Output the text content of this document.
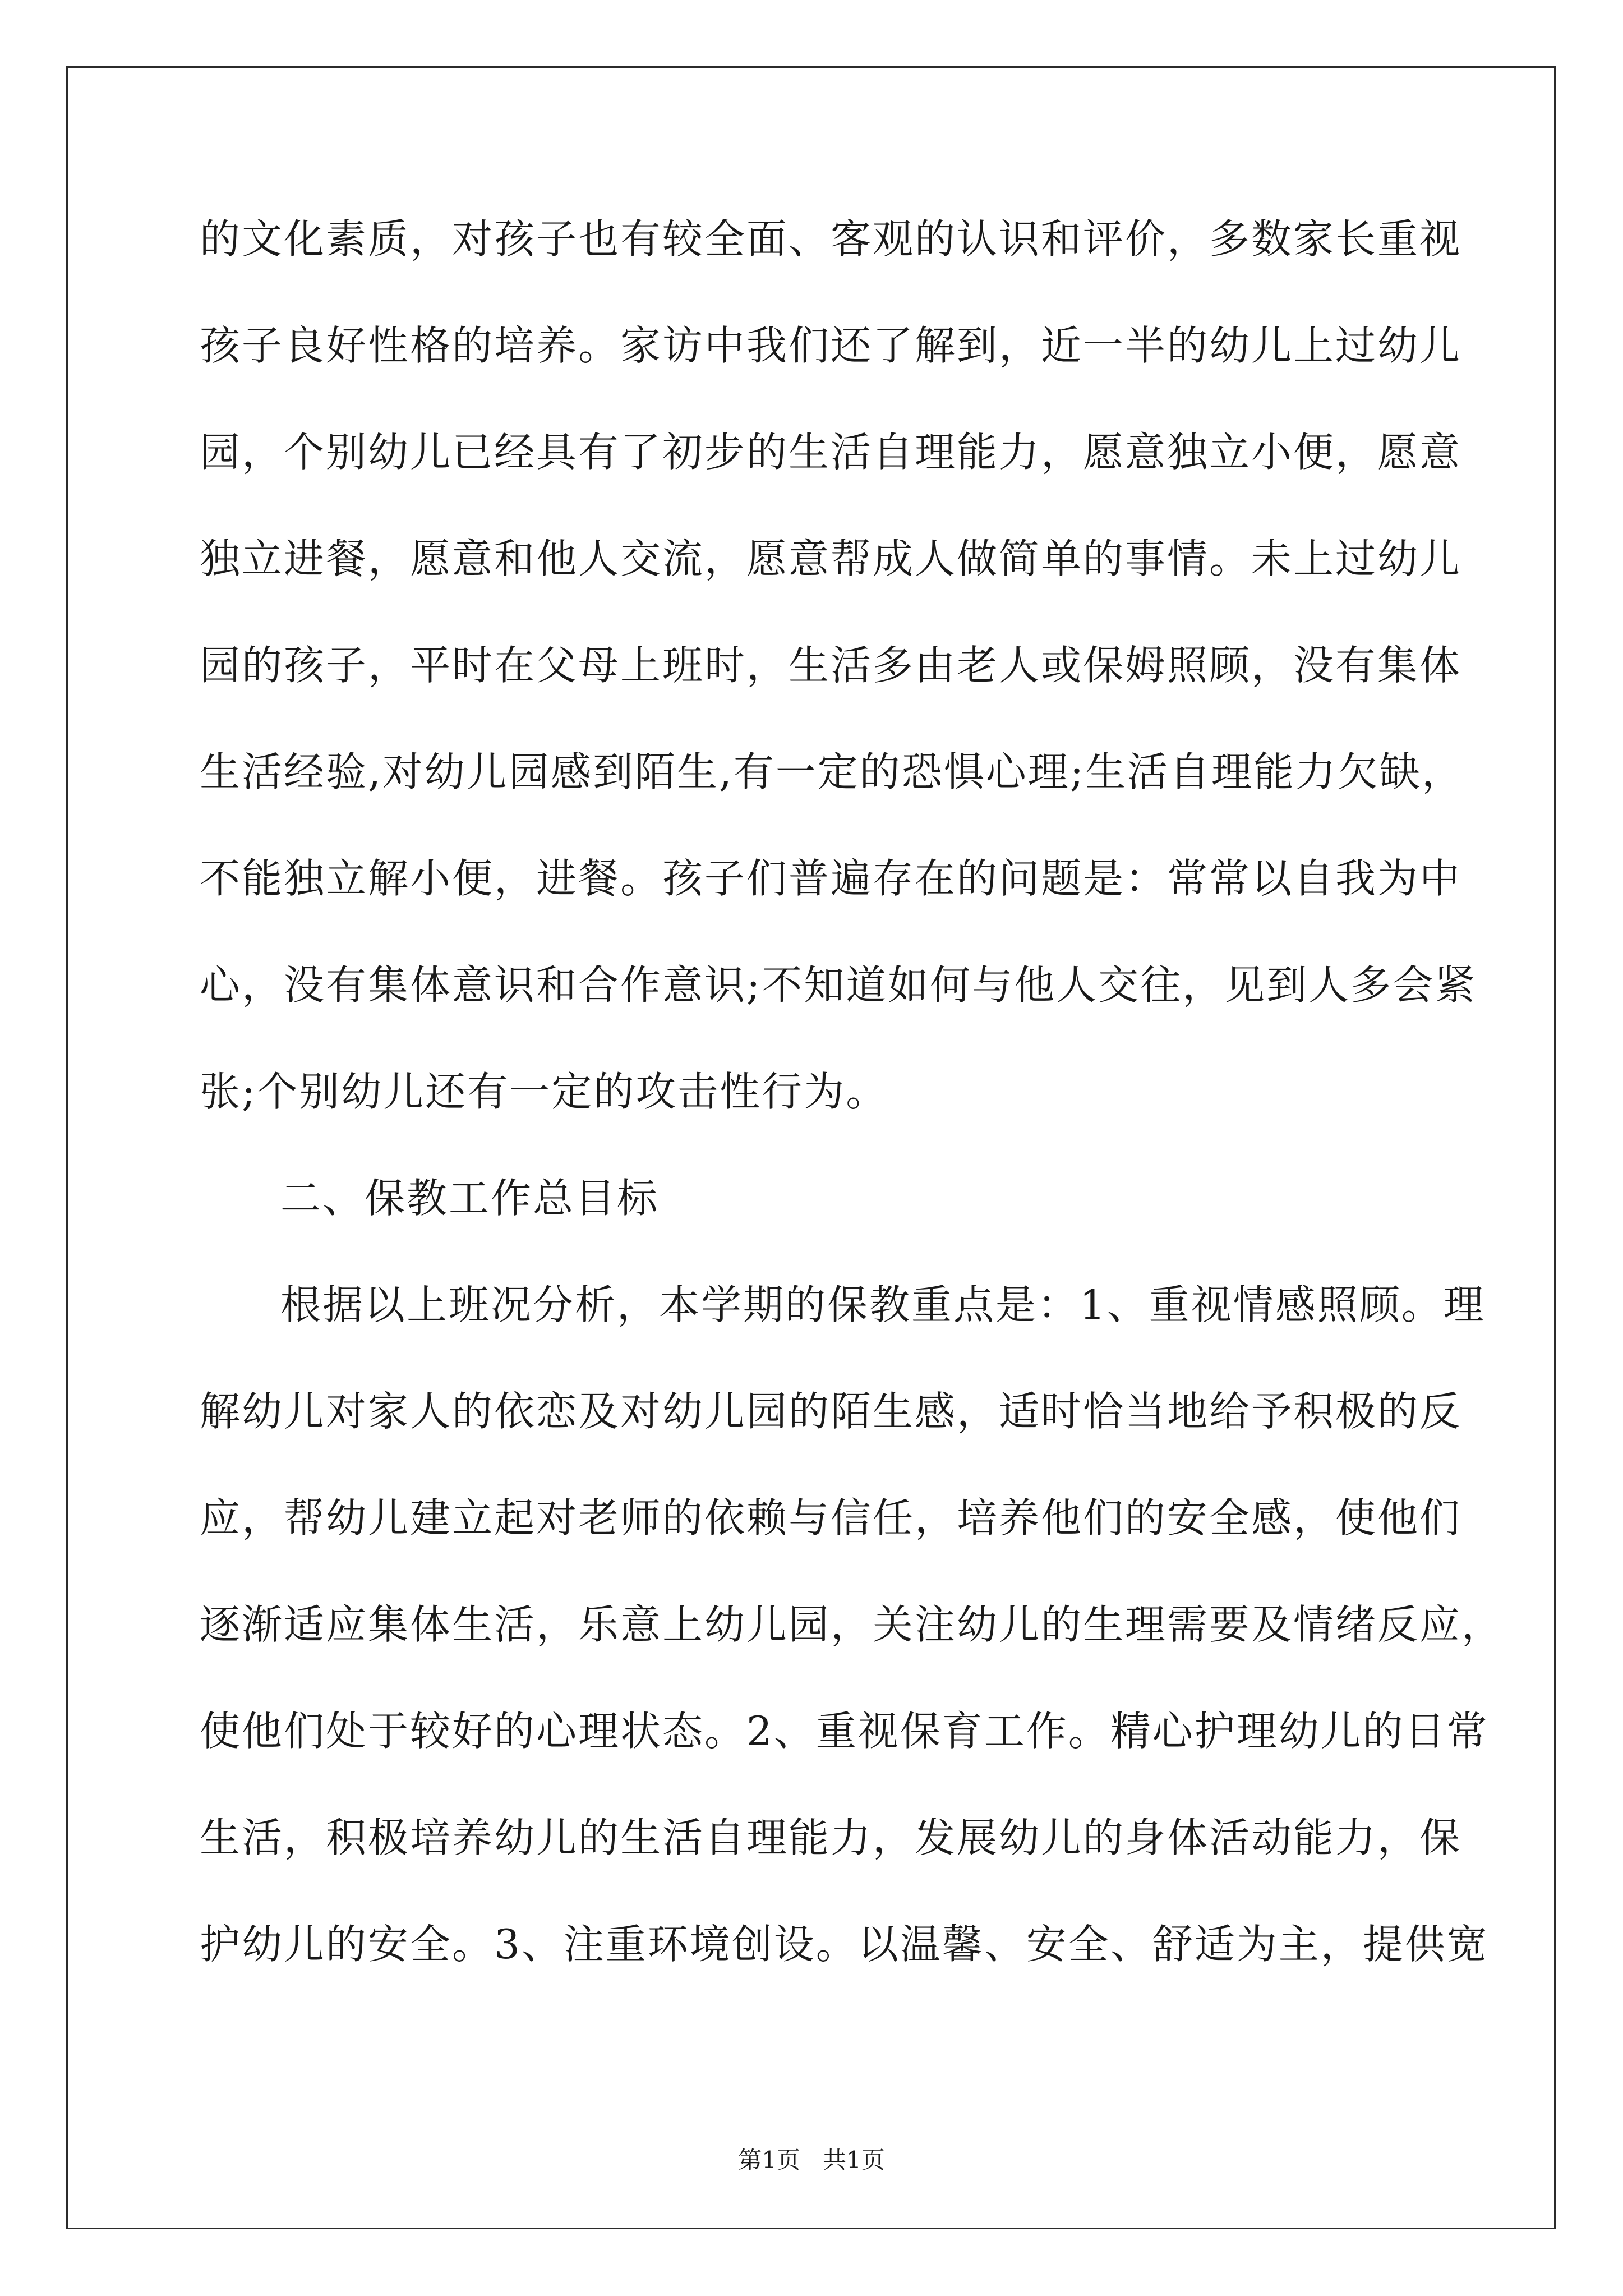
的文化素质，对孩子也有较全面、客观的认识和评价，多数家长重视
孩子良好性格的培养。家访中我们还了解到，近一半的幼儿上过幼儿
园，个别幼儿已经具有了初步的生活自理能力，愿意独立小便，愿意
独立进餐，愿意和他人交流，愿意帮成人做简单的事情。未上过幼儿
园的孩子，平时在父母上班时，生活多由老人或保姆照顾，没有集体
生活经验,对幼儿园感到陌生,有一定的恐惧心理;生活自理能力欠缺，
不能独立解小便，进餐。孩子们普遍存在的问题是：常常以自我为中
心，没有集体意识和合作意识;不知道如何与他人交往，见到人多会紧
张;个别幼儿还有一定的攻击性行为。
二、保教工作总目标
根据以上班况分析，本学期的保教重点是：1、重视情感照顾。理
解幼儿对家人的依恋及对幼儿园的陌生感，适时恰当地给予积极的反
应，帮幼儿建立起对老师的依赖与信任，培养他们的安全感，使他们
逐渐适应集体生活，乐意上幼儿园，关注幼儿的生理需要及情绪反应，
使他们处于较好的心理状态。2、重视保育工作。精心护理幼儿的日常
生活，积极培养幼儿的生活自理能力，发展幼儿的身体活动能力，保
护幼儿的安全。3、注重环境创设。以温馨、安全、舒适为主，提供宽
第1页   共1页
